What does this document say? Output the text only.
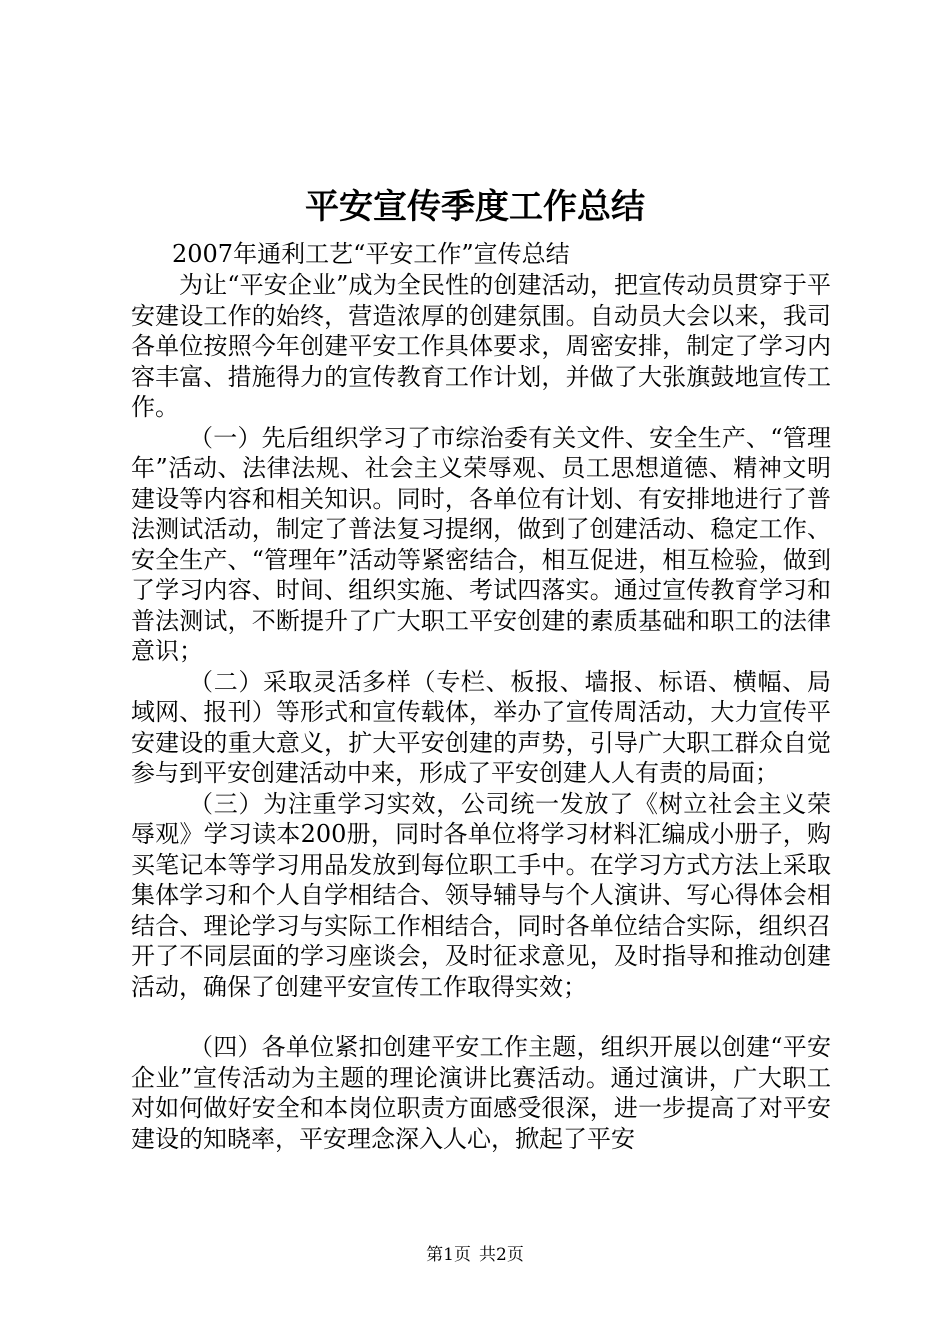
平安宣传季度工作总结

2007年通利工艺“平安工作”宣传总结

为让“平安企业”成为全民性的创建活动，把宣传动员贯穿于平安建设工作的始终，营造浓厚的创建氛围。自动员大会以来，我司各单位按照今年创建平安工作具体要求，周密安排，制定了学习内容丰富、措施得力的宣传教育工作计划，并做了大张旗鼓地宣传工作。

（一）先后组织学习了市综治委有关文件、安全生产、“管理年”活动、法律法规、社会主义荣辱观、员工思想道德、精神文明建设等内容和相关知识。同时，各单位有计划、有安排地进行了普法测试活动，制定了普法复习提纲，做到了创建活动、稳定工作、安全生产、“管理年”活动等紧密结合，相互促进，相互检验，做到了学习内容、时间、组织实施、考试四落实。通过宣传教育学习和普法测试，不断提升了广大职工平安创建的素质基础和职工的法律意识；

（二）采取灵活多样（专栏、板报、墙报、标语、横幅、局域网、报刊）等形式和宣传载体，举办了宣传周活动，大力宣传平安建设的重大意义，扩大平安创建的声势，引导广大职工群众自觉参与到平安创建活动中来，形成了平安创建人人有责的局面；

（三）为注重学习实效，公司统一发放了《树立社会主义荣辱观》学习读本200册，同时各单位将学习材料汇编成小册子，购买笔记本等学习用品发放到每位职工手中。在学习方式方法上采取集体学习和个人自学相结合、领导辅导与个人演讲、写心得体会相结合、理论学习与实际工作相结合，同时各单位结合实际，组织召开了不同层面的学习座谈会，及时征求意见，及时指导和推动创建活动，确保了创建平安宣传工作取得实效；

（四）各单位紧扣创建平安工作主题，组织开展以创建“平安企业”宣传活动为主题的理论演讲比赛活动。通过演讲，广大职工对如何做好安全和本岗位职责方面感受很深，进一步提高了对平安建设的知晓率，平安理念深入人心，掀起了平安

第1页 共2页
